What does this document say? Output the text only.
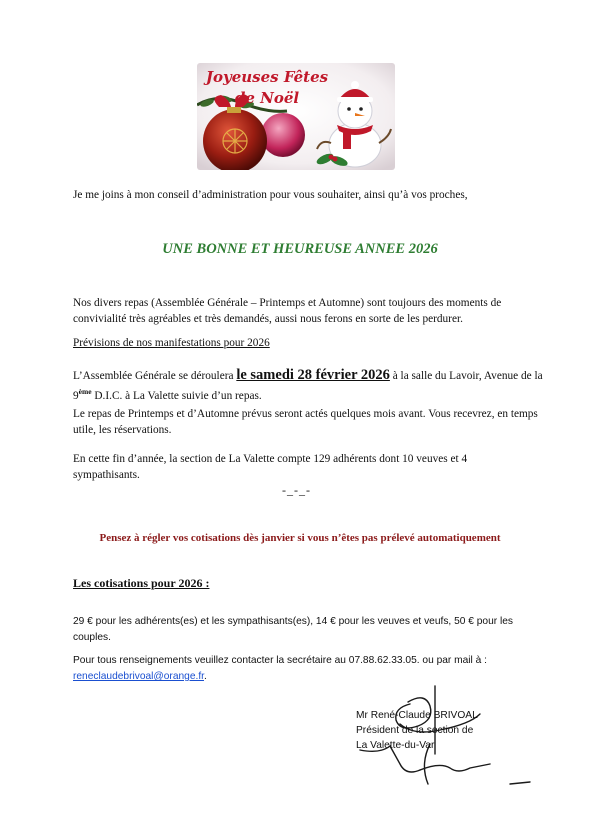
Joyeuses Fêtes
de Noël
Je me joins à mon conseil d’administration pour vous souhaiter, ainsi qu’à vos proches,
UNE BONNE ET HEUREUSE ANNEE 2026
Nos divers repas (Assemblée Générale – Printemps et Automne) sont toujours des moments de convivialité très agréables et très demandés, aussi nous ferons en sorte de les perdurer.
Prévisions de nos manifestations pour 2026
L’Assemblée Générale se déroulera le samedi 28 février 2026 à la salle du Lavoir, Avenue de la 9ème D.I.C. à La Valette suivie d’un repas.
Le repas de Printemps et d’Automne prévus seront actés quelques mois avant. Vous recevrez, en temps utile, les réservations.
En cette fin d’année, la section de La Valette compte 129 adhérents dont 10 veuves et 4 sympathisants.
-_-_-
Pensez à régler vos cotisations dès janvier si vous n’êtes pas prélevé automatiquement
Les cotisations pour 2026 :
29 € pour les adhérents(es) et les sympathisants(es), 14 € pour les veuves et veufs, 50 € pour les couples.
Pour tous renseignements veuillez contacter la secrétaire au 07.88.62.33.05. ou par mail à :
reneclaudebrivoal@orange.fr.
Mr René-Claude BRIVOAL
Président de la section de
La Valette-du-Var
